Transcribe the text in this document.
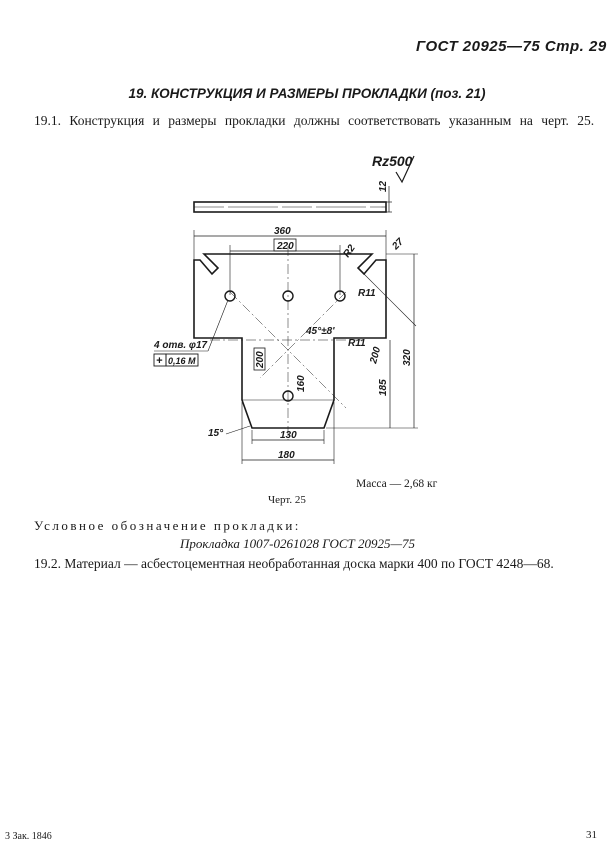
ГОСТ 20925—75 Стр. 29
19. КОНСТРУКЦИЯ И РАЗМЕРЫ ПРОКЛАДКИ (поз. 21)
19.1. Конструкция и размеры прокладки должны соответствовать указанным на черт. 25.
Rz500
12
360
220	R2	27
R11
45°±8'
R11
200 320
185
200
160
4 отв. φ17
+ 0,16 M
15°	130
180
Масса — 2,68 кг
Черт. 25
Условное обозначение прокладки:
Прокладка 1007-0261028 ГОСТ 20925—75
19.2. Материал — асбестоцементная необработанная доска марки 400 по ГОСТ 4248—68.
3 Зак. 1846	31
